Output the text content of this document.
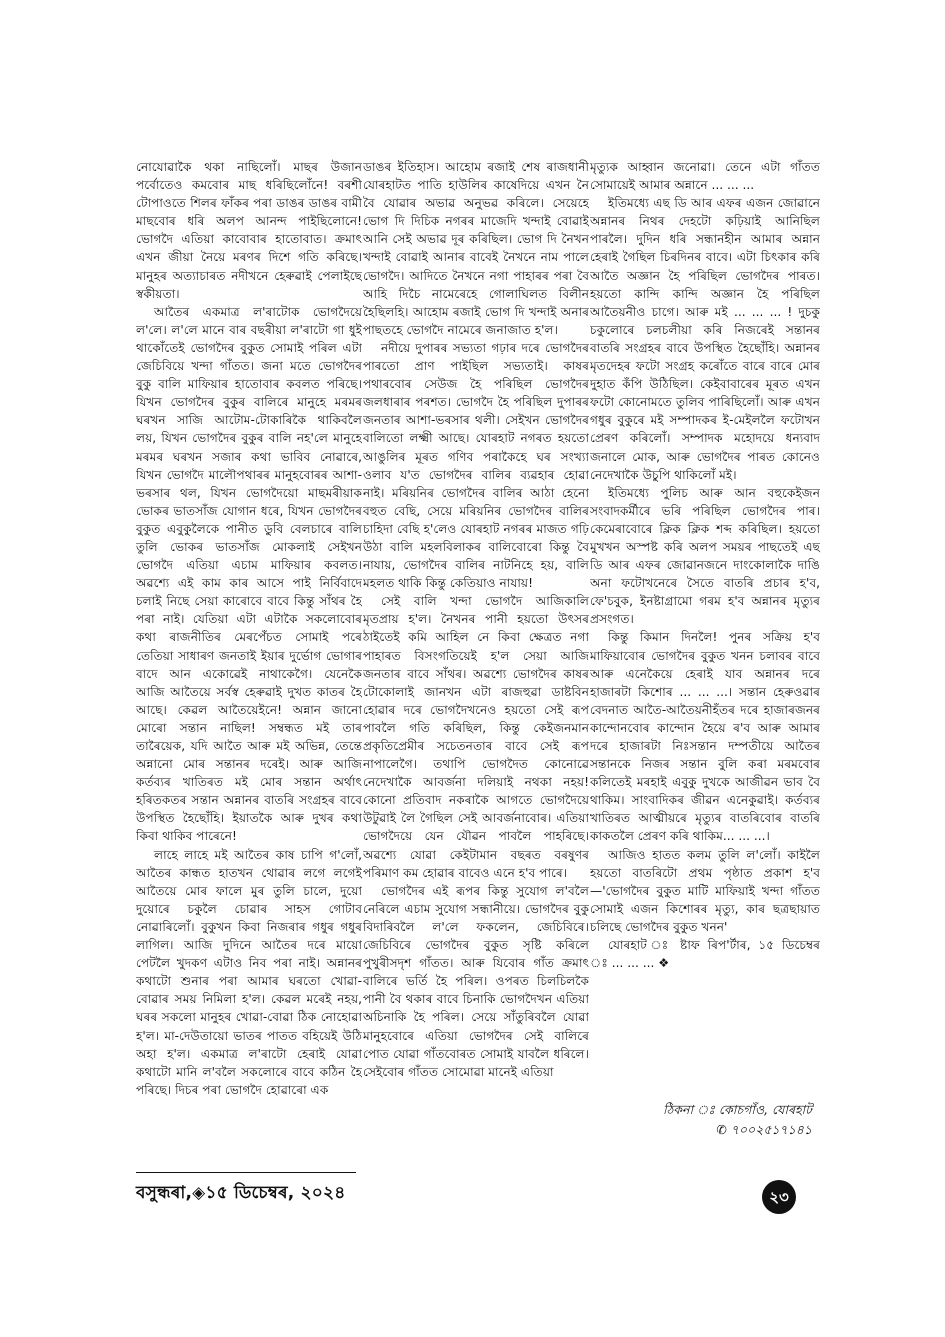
নোযোৱাকৈ থকা নাছিলোঁ। মাছৰ উজান পৰ্বোতেও কমবোৰ মাছ ধৰিছিলোঁনে! বৰশী টোপাওতে শিলৰ ফাঁকৰ পৰা ডাঙৰ ডাঙৰ বামী মাছবোৰ ধৰি অলপ আনন্দ পাইছিলোনে! ভোগদৈ এতিয়া কাবোবাৰ হাতোবাত। ক্ৰমাৎ এখন জীয়া নৈয়ে মৰণৰ দিশে গতি কৰিছে। মানুহৰ অত্যাচাৰত নদীখনে হেৰুৱাই পেলাইছে স্বকীয়তা।

আতৈৰ একমাত্ৰ ল'ৰাটোক ভোগদৈয়ে ল'লে। ল'লে মানে বাৰ বছৰীয়া ল'ৰাটো গা ধুই থাকোঁতেই ভোগদৈৰ বুকুত সোমাই পৰিল এটা জেচিবিয়ে খন্দা গাঁতত। জনা মতে ভোগদৈৰ বুকু বালি মাফিয়াৰ হাতোবাৰ কবলত পৰিছে। যিখন ভোগদৈৰ বুকুৰ বালিৰে মানুহে মৰমৰ ঘৰখন সাজি আটোম-টোকাৰিকৈ থাকিবলৈ লয়, যিখন ভোগদৈৰ বুকুৰ বালি নহ'লে মানুহে মৰমৰ ঘৰখন সজাৰ কথা ভাবিব নোৱাৰে, যিখন ভোগদৈ মালৌপথাৰৰ মানুহবোৰৰ আশা-ভৰসাৰ থল, যিখন ভোগদৈয়ো মাছমৰীয়াক ভোকৰ ভাতসাঁজ যোগান ধৰে, যিখন ভোগদৈৰ বুকুত এবুকুলৈকে পানীত ডুবি বেলচাৰে বালি তুলি ভোকৰ ভাতসাঁজ মোকলাই সেইখন ভোগদৈ এতিয়া এচাম মাফিয়াৰ কবলত। অৱশ্যে এই কাম কাৰ আসে পাই নিৰ্বিবাদে চলাই নিছে সেয়া কাৰোবে বাবে কিন্তু সাঁথৰ হৈ পৰা নাই। যেতিয়া এটা এটাকৈ সকলোবোৰ কথা ৰাজনীতিৰ মেৰপেঁচত সোমাই পৰে তেতিয়া সাধাৰণ জনতাই ইয়াৰ দুৰ্ভোগ ভোগাৰ বাদে আন একোৱেই নাথাকেগৈ। যেনেকৈ আজি আতৈয়ে সৰ্বস্ব হেৰুৱাই দুখত কাতৰ হৈ আছে। কেৱল আতৈয়েইনে! অন্নান জানো মোৰো সন্তান নাছিল! সম্বন্ধত মই তাৰ তাৰৈয়েক, যদি আতৈ আৰু মই অভিন্ন, তেন্তে অন্নানো মোৰ সন্তানৰ দৰেই। আৰু আজি কৰ্তব্যৰ খাতিৰত মই মোৰ সন্তান অৰ্থাৎ হৰিতকতৰ সন্তান অন্নানৰ বাতৰি সংগ্ৰহৰ বাবে উপস্থিত হৈছোঁহি। ইয়াতকৈ আৰু দুখৰ কথা কিবা থাকিব পাৰেনে!

লাহে লাহে মই আতৈৰ কাষ চাপি গ'লোঁ, আতৈৰ কান্ধত হাতখন থোৱাৰ লগে লগেই আতৈয়ে মোৰ ফালে মুৰ তুলি চালে, দুয়ো দুয়োৰে চকুলৈ চোৱাৰ সাহস গোটাব নোৱাৰিলোঁ। বুকুখন কিবা নিজৰাৰ গধুৰ গধুৰ লাগিল। আজি দুদিনে আতৈৰ দৰে মায়ো পেটলৈ খুদকণ এটাও নিব পৰা নাই। অন্নানৰ কথাটো শুনাৰ পৰা আমাৰ ঘৰতো খোৱা-বোৱাৰ সময় নিমিলা হ'ল। কেৱল মৰেই নহয়, ঘৰৰ সকলো মানুহৰ খোৱা-বোৱা ঠিক নোহোৱা হ'ল। মা-দেউতায়ো ভাতৰ পাতত বহিয়েই উঠি অহা হ'ল। একমাত্ৰ ল'ৰাটো হেৰাই যোৱা কথাটো মানি ল'বলৈ সকলোৰে বাবে কঠিন হৈ পৰিছে। দিচৰ পৰা ভোগদৈ হোৱাৰো এক

ডাঙৰ ইতিহাস। আহোম ৰজাই শেষ ৰাজধানী যোৰহাটত পাতি হাউলিৰ কাষেদিয়ে এখন নৈ বৈ যোৱাৰ অভাৱ অনুভৱ কৰিলে। সেয়েহে ভোগ দি দিচিক নগৰৰ মাজেদি খন্দাই বোৱাই আনি সেই অভাৱ দূৰ কৰিছিল। ভোগ দি নৈখন খন্দাই বোৱাই আনাৰ বাবেই নৈখনে নাম পালে ভোগদৈ। আদিতে নৈখনে নগা পাহাৰৰ পৰা বৈ আহি দিচৈ নামেৰেহে গোলাঘিলত বিলীন হৈছিলহি। আহোম ৰজাই ভোগ দি খন্দাই অনাৰ পাছতহে ভোগদৈ নামেৰে জনাজাত হ'ল।

নদীয়ে দুপাৰৰ সভ্যতা গঢ়াৰ দৰে ভোগদৈৰ পাৰতো প্ৰাণ পাইছিল সভ্যতাই। কাষৰ পথাৰবোৰ সেউজ হৈ পৰিছিল ভোগদৈৰ জলধাৰাৰ পৰশত। ভোগদৈ হৈ পৰিছিল দুপাৰৰ জনতাৰ আশা-ভৰসাৰ থলী। সেইখন ভোগদৈৰ বালিতো লক্ষ্মী আছে। যোৰহাট নগৰত হয়তো আঙুলিৰ মূৰত গণিব পৰাকৈহে ঘৰ সংখ্যা ওলাব য'ত ভোগদৈৰ বালিৰ ব্যৱহাৰ হোৱা নাই। মৰিয়নিৰ ভোগদৈৰ বালিৰ আঠা হেনো বহুত বেছি, সেয়ে মৰিয়নিৰ ভোগদৈৰ বালিৰ চাহিদা বেছি হ'লেও যোৰহাট নগৰৰ মাজত গঢ়ি উঠা বালি মহলবিলাকৰ বালিবোৰো কিন্তু বৈ নাযায়, ভোগদৈৰ বালিৰ নাটনিহে হয়, বালি মহলত থাকি কিন্তু কেতিয়াও নাযায়!

সেই বালি খন্দা ভোগদৈ আজিকালি মৃতপ্ৰায় হ'ল। নৈখনৰ পানী হয়তো উৎসৰ ঠাইতেই কমি আহিল নে কিবা ক্ষেত্ৰত নগা পাহাৰত বিসংগতিয়েই হ'ল সেয়া আজি জনতাৰ বাবে সাঁথৰ। অৱশ্যে ভোগদৈৰ কাষৰ টোকোলাই জানখন এটা ৰাজহুৱা ডাষ্টবিন হোৱাৰ দৰে ভোগদৈখনেও হয়তো সেই ৰূপ পাবলৈ গতি কৰিছিল, কিন্তু কেইজনমান প্ৰকৃতিপ্ৰেমীৰ সচেতনতাৰ বাবে সেই ৰূপ নাপালেগৈ। তথাপি ভোগদৈত কোনোৱে নেদেখাকৈ আবৰ্জনা দলিয়াই নথকা নহয়! কোনো প্ৰতিবাদ নকৰাকৈ আগতে ভোগদৈয়ে উটুৱাই লৈ গৈছিল সেই আবৰ্জনাবোৰ। এতিয়া ভোগদৈয়ে যেন যৌৱন পাবলৈ পাহৰিছে। অৱশ্যে যোৱা কেইটামান বছৰত বৰষুণৰ পৰিমাণ কম হোৱাৰ বাবেও এনে হ'ব পাৰে।

ভোগদৈৰ এই ৰূপৰ কিন্তু সুযোগ ল'বলৈ নেৰিলে এচাম সুযোগ সন্ধানীয়ে। ভোগদৈৰ বুকু বিদাৰিবলৈ ল'লে ফকলেন, জেচিবিৰে। জেচিবিৰে ভোগদৈৰ বুকুত সৃষ্টি কৰিলে পুখুৰীসদৃশ গাঁতত। আৰু যিবোৰ গাঁত ক্ৰমাৎ বালিৰে ভৰ্তি হৈ পৰিল। ওপৰত চিলচিলকৈ পানী বৈ থকাৰ বাবে চিনাকি ভোগদৈখন এতিয়া অচিনাকি হৈ পৰিল। সেয়ে সাঁতুৰিবলৈ যোৱা মানুহবোৰে এতিয়া ভোগদৈৰ সেই বালিৰে পোত যোৱা গাঁতবোৰত সোমাই যাবলৈ ধৰিলে। সেইবোৰ গাঁতত সোমোৱা মানেই এতিয়া

মৃত্যুক আহ্বান জনোৱা। তেনে এটা গাঁতত সোমায়েই আমাৰ অন্নানে ... ... ...

ইতিমধ্যে এছ ডি আৰ এফৰ এজন জোৱানে অন্নানৰ নিথৰ দেহটো কঢ়িয়াই আনিছিল পাৰলৈ। দুদিন ধৰি সন্ধানহীন আমাৰ অন্নান হেৰাই গৈছিল চিৰদিনৰ বাবে। এটা চিৎকাৰ কৰি আতৈ অজ্ঞান হৈ পৰিছিল ভোগদৈৰ পাৰত। হয়তো কান্দি কান্দি অজ্ঞান হৈ পৰিছিল আতৈয়নীও চাগে। আৰু মই ... ... ... ! দুচকু চকুলোৰে চলচলীয়া কৰি নিজৰেই সন্তানৰ বাতৰি সংগ্ৰহৰ বাবে উপস্থিত হৈছোঁহি। অন্নানৰ মৃতদেহৰ ফটো সংগ্ৰহ কৰোঁতে বাৰে বাৰে মোৰ দুহাত কঁপি উঠিছিল। কেইবাবাৰেৰ মূৰত এখন ফটো কোনোমতে তুলিব পাৰিছিলোঁ। আৰু এখন গধুৰ বুকুৰে মই সম্পাদকৰ ই-মেইললৈ ফটোখন প্ৰেৰণ কৰিলোঁ। সম্পাদক মহোদয়ে ধন্যবাদ জনালে মোক, আৰু ভোগদৈৰ পাৰত কোনেও নেদেখাকৈ উচুপি থাকিলোঁ মই।

ইতিমধ্যে পুলিচ আৰু আন বহুকেইজন সংবাদকৰ্মীৰে ভৰি পৰিছিল ভোগদৈৰ পাৰ। কেমেৰাবোৰে ক্লিক ক্লিক শব্দ কৰিছিল। হয়তো মুখখন অস্পষ্ট কৰি অলপ সময়ৰ পাছতেই এছ ডি আৰ এফৰ জোৱানজনে দাংকোলাকৈ দাঙি অনা ফটোখনেৰে সৈতে বাতৰি প্ৰচাৰ হ'ব, ফে'চবুক, ইনষ্টাগ্ৰামো গৰম হ'ব অন্নানৰ মৃত্যুৰ প্ৰসংগত।

কিন্তু কিমান দিনলৈ! পুনৰ সক্ৰিয় হ'ব মাফিয়াবোৰ ভোগদৈৰ বুকুত খনন চলাবৰ বাবে আৰু এনেকৈয়ে হেৰাই যাব অন্নানৰ দৰে হাজাৰটা কিশোৰ ... ... ...। সন্তান হেৰুওৱাৰ বেদনাত আতৈ-আতৈয়নীহঁতৰ দৰে হাজাৰজনৰ কান্দোনবোৰ কান্দোন হৈয়ে ৰ'ব আৰু আমাৰ দৰে হাজাৰটা নিঃসন্তান দম্পতীয়ে আতৈৰ সন্তানকে নিজৰ সন্তান বুলি কৰা মৰমবোৰ কলিতেই মৰহাই এবুকু দুখকে আজীৱন ভাব বৈ থাকিম। সাংবাদিকৰ জীৱন এনেকুৱাই। কৰ্তব্যৰ খাতিৰত আত্মীয়ৰে মৃত্যুৰ বাতৰিবোৰ বাতৰি কাকতলৈ প্ৰেৰণ কৰি থাকিম... ... ...।

আজিও হাতত কলম তুলি ল'লোঁ। কাইলৈ হয়তো বাতৰিটো প্ৰথম পৃষ্ঠাত প্ৰকাশ হ'ব —'ভোগদৈৰ বুকুত মাটি মাফিয়াই খন্দা গাঁতত সোমাই এজন কিশোৰৰ মৃত্যু, কাৰ ছত্ৰছায়াত চলিছে ভোগদৈৰ বুকুত খনন'

যোৰহাট ঃ ষ্টাফ ৰিপ'ৰ্টাৰ, ১৫ ডিচেম্বৰ ঃ ... ... ... ❖

ঠিকনা ঃ কোচগাঁও, যোৰহাট
✆ ৭০০২৫১৭১৪১
বসুন্ধৰা,◈১৫ ডিচেম্বৰ, ২০২৪	২৩
